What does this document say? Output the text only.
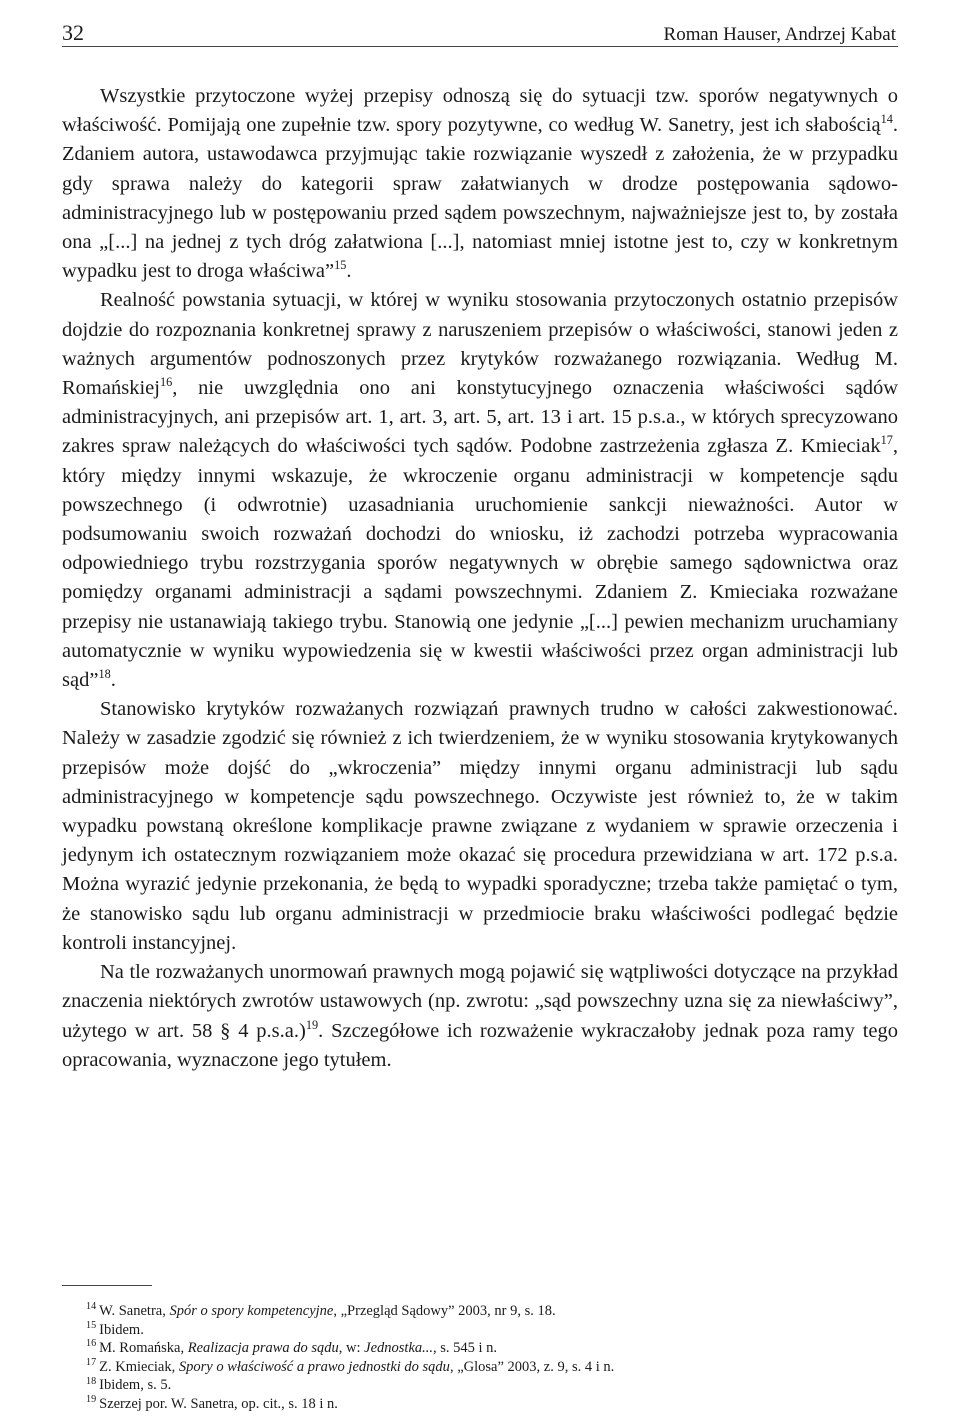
32	Roman Hauser, Andrzej Kabat

Wszystkie przytoczone wyżej przepisy odnoszą się do sytuacji tzw. sporów negatywnych o właściwość. Pomijają one zupełnie tzw. spory pozytywne, co według W. Sanetry, jest ich słabością$^{14}$. Zdaniem autora, ustawodawca przyjmując takie rozwiązanie wyszedł z założenia, że w przypadku gdy sprawa należy do kategorii spraw załatwianych w drodze postępowania sądowo-administracyjnego lub w postępowaniu przed sądem powszechnym, najważniejsze jest to, by została ona „[...] na jednej z tych dróg załatwiona [...], natomiast mniej istotne jest to, czy w konkretnym wypadku jest to droga właściwa”$^{15}$.

Realność powstania sytuacji, w której w wyniku stosowania przytoczonych ostatnio przepisów dojdzie do rozpoznania konkretnej sprawy z naruszeniem przepisów o właściwości, stanowi jeden z ważnych argumentów podnoszonych przez krytyków rozważanego rozwiązania. Według M. Romańskiej$^{16}$, nie uwzględnia ono ani konstytucyjnego oznaczenia właściwości sądów administracyjnych, ani przepisów art. 1, art. 3, art. 5, art. 13 i art. 15 p.s.a., w których sprecyzowano zakres spraw należących do właściwości tych sądów. Podobne zastrzeżenia zgłasza Z. Kmieciak$^{17}$, który między innymi wskazuje, że wkroczenie organu administracji w kompetencje sądu powszechnego (i odwrotnie) uzasadniania uruchomienie sankcji nieważności. Autor w podsumowaniu swoich rozważań dochodzi do wniosku, iż zachodzi potrzeba wypracowania odpowiedniego trybu rozstrzygania sporów negatywnych w obrębie samego sądownictwa oraz pomiędzy organami administracji a sądami powszechnymi. Zdaniem Z. Kmieciaka rozważane przepisy nie ustanawiają takiego trybu. Stanowią one jedynie „[...] pewien mechanizm uruchamiany automatycznie w wyniku wypowiedzenia się w kwestii właściwości przez organ administracji lub sąd”$^{18}$.

Stanowisko krytyków rozważanych rozwiązań prawnych trudno w całości zakwestionować. Należy w zasadzie zgodzić się również z ich twierdzeniem, że w wyniku stosowania krytykowanych przepisów może dojść do „wkroczenia” między innymi organu administracji lub sądu administracyjnego w kompetencje sądu powszechnego. Oczywiste jest również to, że w takim wypadku powstaną określone komplikacje prawne związane z wydaniem w sprawie orzeczenia i jedynym ich ostatecznym rozwiązaniem może okazać się procedura przewidziana w art. 172 p.s.a. Można wyrazić jedynie przekonania, że będą to wypadki sporadyczne; trzeba także pamiętać o tym, że stanowisko sądu lub organu administracji w przedmiocie braku właściwości podlegać będzie kontroli instancyjnej.

Na tle rozważanych unormowań prawnych mogą pojawić się wątpliwości dotyczące na przykład znaczenia niektórych zwrotów ustawowych (np. zwrotu: „sąd powszechny uzna się za niewłaściwy”, użytego w art. 58 § 4 p.s.a.)$^{19}$. Szczegółowe ich rozważenie wykraczałoby jednak poza ramy tego opracowania, wyznaczone jego tytułem.

$^{14}$ W. Sanetra, Spór o spory kompetencyjne, „Przegląd Sądowy” 2003, nr 9, s. 18.

$^{15}$ Ibidem.

$^{16}$ M. Romańska, Realizacja prawa do sądu, w: Jednostka..., s. 545 i n.

$^{17}$ Z. Kmieciak, Spory o właściwość a prawo jednostki do sądu, „Glosa” 2003, z. 9, s. 4 i n.

$^{18}$ Ibidem, s. 5.

$^{19}$ Szerzej por. W. Sanetra, op. cit., s. 18 i n.
